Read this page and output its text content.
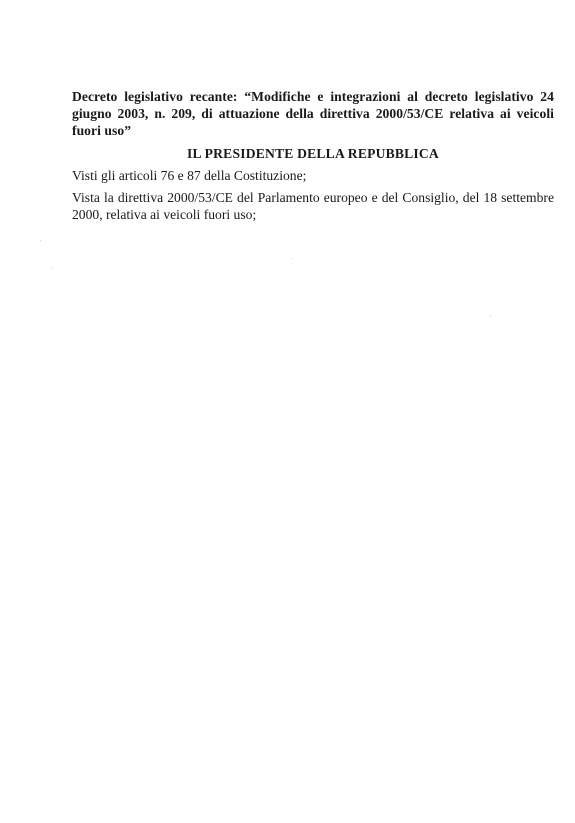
Decreto legislativo recante: “Modifiche e integrazioni al decreto legislativo 24 giugno 2003, n. 209, di attuazione della direttiva 2000/53/CE relativa ai veicoli fuori uso”

IL PRESIDENTE DELLA REPUBBLICA

Visti gli articoli 76 e 87 della Costituzione;

Vista la direttiva 2000/53/CE del Parlamento europeo e del Consiglio, del 18 settembre 2000, relativa ai veicoli fuori uso;
